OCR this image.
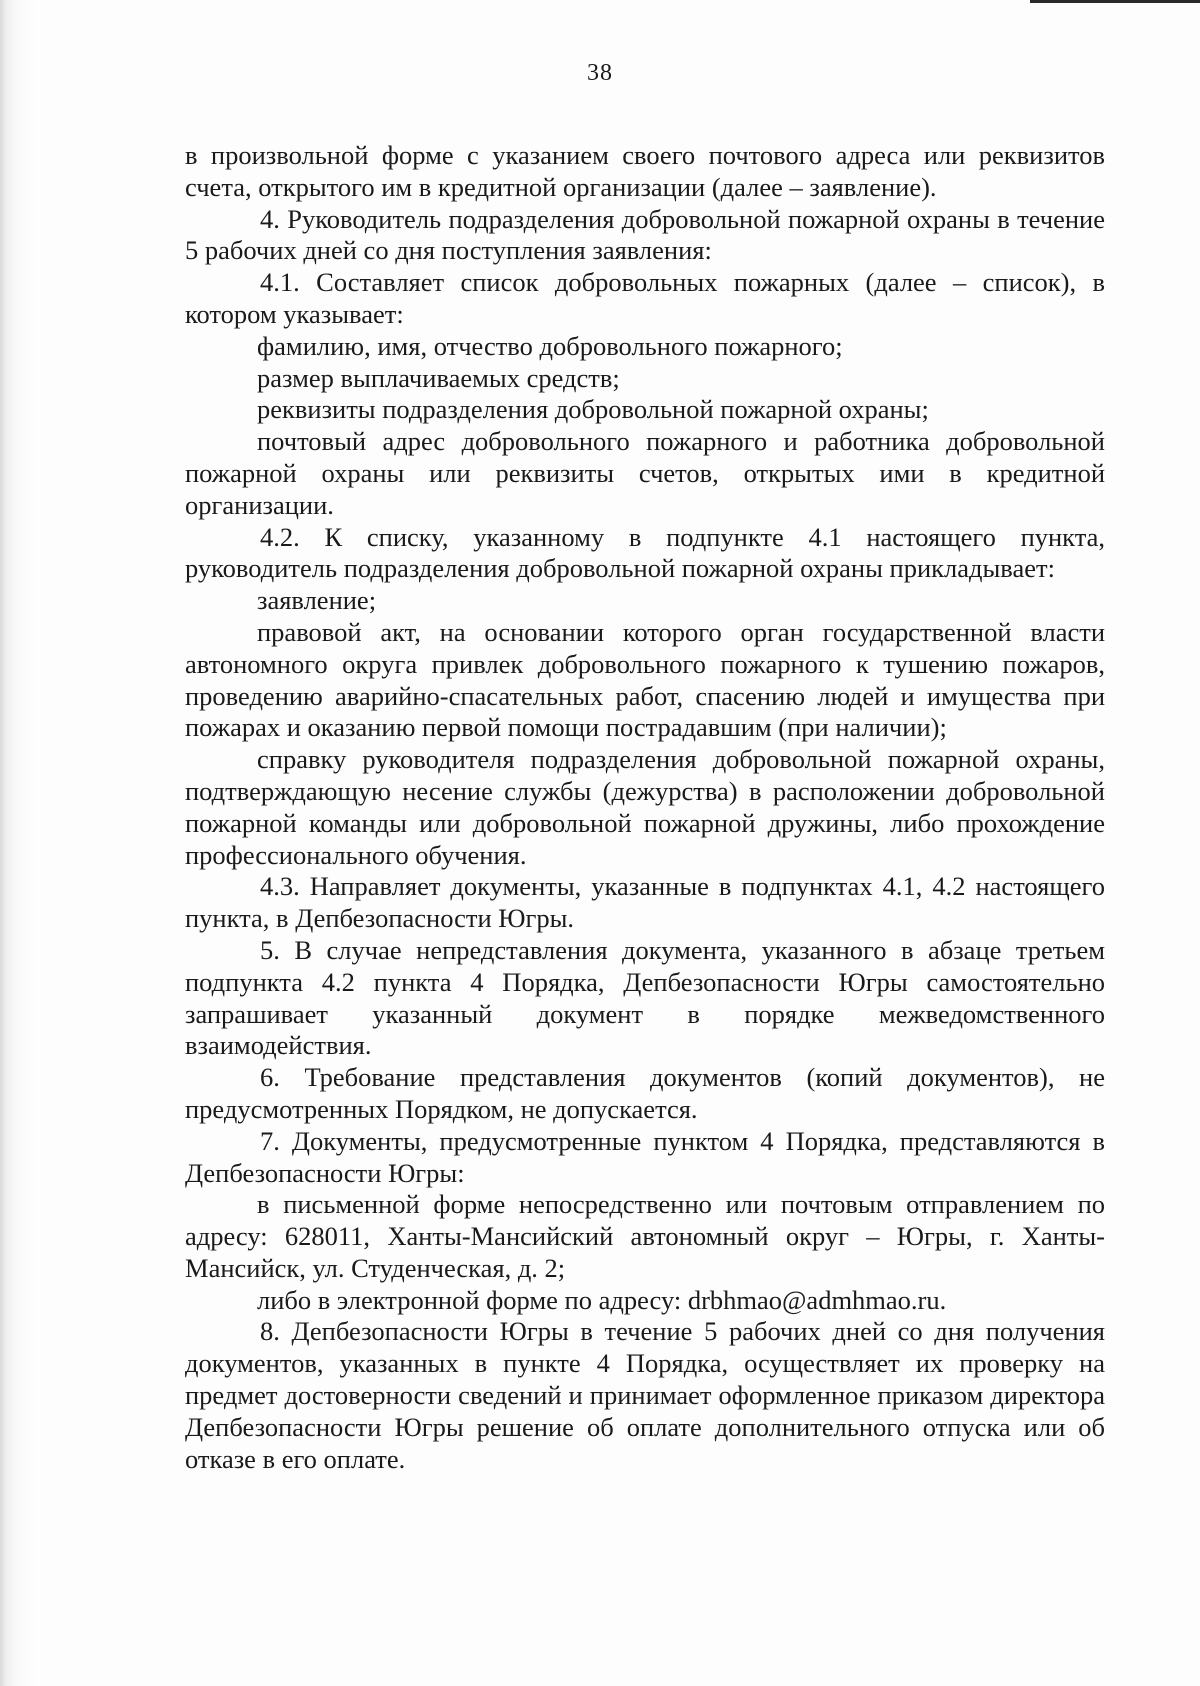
38

в произвольной форме с указанием своего почтового адреса или реквизитов счета, открытого им в кредитной организации (далее – заявление).

4. Руководитель подразделения добровольной пожарной охраны в течение 5 рабочих дней со дня поступления заявления:

4.1. Составляет список добровольных пожарных (далее – список), в котором указывает:

фамилию, имя, отчество добровольного пожарного;

размер выплачиваемых средств;

реквизиты подразделения добровольной пожарной охраны;

почтовый адрес добровольного пожарного и работника добровольной пожарной охраны или реквизиты счетов, открытых ими в кредитной организации.

4.2. К списку, указанному в подпункте 4.1 настоящего пункта, руководитель подразделения добровольной пожарной охраны прикладывает:

заявление;

правовой акт, на основании которого орган государственной власти автономного округа привлек добровольного пожарного к тушению пожаров, проведению аварийно-спасательных работ, спасению людей и имущества при пожарах и оказанию первой помощи пострадавшим (при наличии);

справку руководителя подразделения добровольной пожарной охраны, подтверждающую несение службы (дежурства) в расположении добровольной пожарной команды или добровольной пожарной дружины, либо прохождение профессионального обучения.

4.3. Направляет документы, указанные в подпунктах 4.1, 4.2 настоящего пункта, в Депбезопасности Югры.

5. В случае непредставления документа, указанного в абзаце третьем подпункта 4.2 пункта 4 Порядка, Депбезопасности Югры самостоятельно запрашивает указанный документ в порядке межведомственного взаимодействия.

6. Требование представления документов (копий документов), не предусмотренных Порядком, не допускается.

7. Документы, предусмотренные пунктом 4 Порядка, представляются в Депбезопасности Югры:

в письменной форме непосредственно или почтовым отправлением по адресу: 628011, Ханты-Мансийский автономный округ – Югры, г. Ханты-Мансийск, ул. Студенческая, д. 2;

либо в электронной форме по адресу: drbhmao@admhmao.ru.

8. Депбезопасности Югры в течение 5 рабочих дней со дня получения документов, указанных в пункте 4 Порядка, осуществляет их проверку на предмет достоверности сведений и принимает оформленное приказом директора Депбезопасности Югры решение об оплате дополнительного отпуска или об отказе в его оплате.
